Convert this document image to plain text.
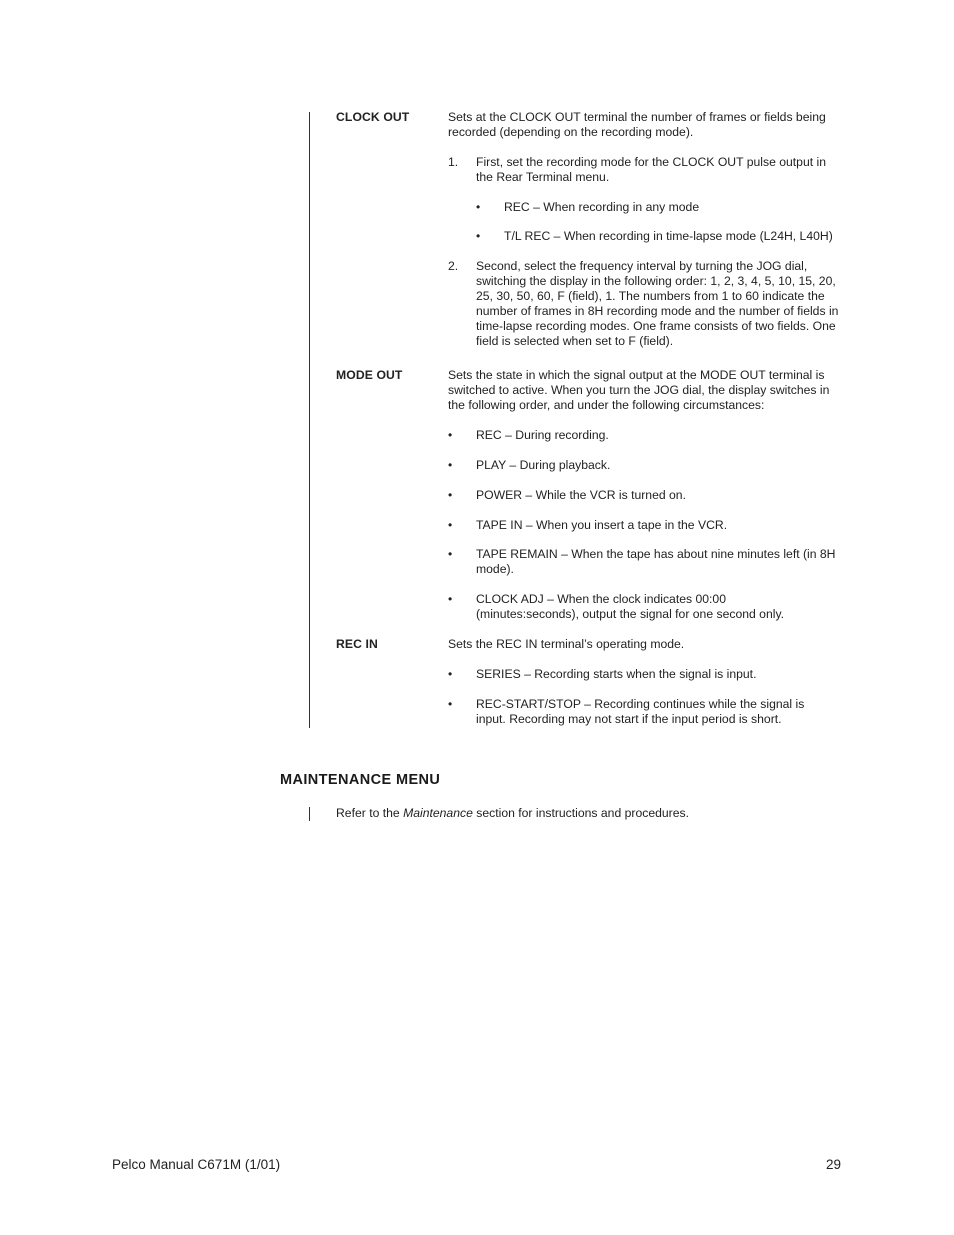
CLOCK OUT	Sets at the CLOCK OUT terminal the number of frames or fields being recorded (depending on the recording mode).
1. First, set the recording mode for the CLOCK OUT pulse output in the Rear Terminal menu.
• REC – When recording in any mode
• T/L REC – When recording in time-lapse mode (L24H, L40H)
2. Second, select the frequency interval by turning the JOG dial, switching the display in the following order: 1, 2, 3, 4, 5, 10, 15, 20, 25, 30, 50, 60, F (field), 1. The numbers from 1 to 60 indicate the number of frames in 8H recording mode and the number of fields in time-lapse recording modes. One frame consists of two fields. One field is selected when set to F (field).
MODE OUT	Sets the state in which the signal output at the MODE OUT terminal is switched to active. When you turn the JOG dial, the display switches in the following order, and under the following circumstances:
• REC – During recording.
• PLAY – During playback.
• POWER – While the VCR is turned on.
• TAPE IN – When you insert a tape in the VCR.
• TAPE REMAIN – When the tape has about nine minutes left (in 8H mode).
• CLOCK ADJ – When the clock indicates 00:00 (minutes:seconds), output the signal for one second only.
REC IN	Sets the REC IN terminal’s operating mode.
• SERIES – Recording starts when the signal is input.
• REC-START/STOP – Recording continues while the signal is input. Recording may not start if the input period is short.
MAINTENANCE MENU
Refer to the Maintenance section for instructions and procedures.
Pelco Manual C671M (1/01)	29
